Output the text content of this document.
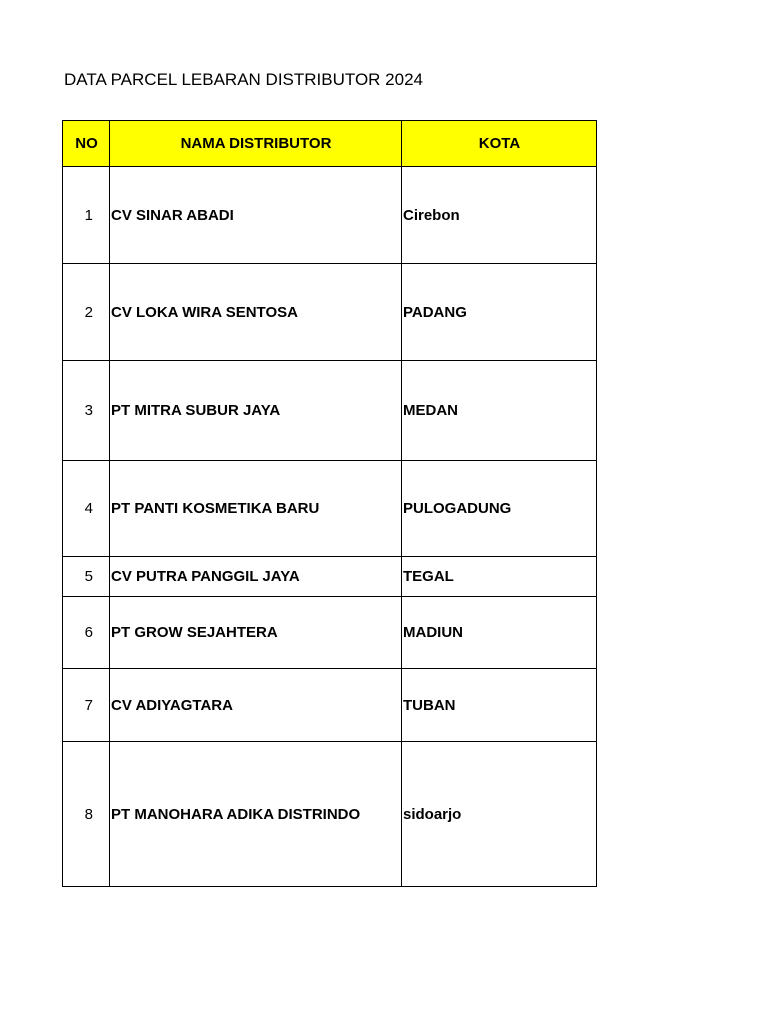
DATA PARCEL LEBARAN DISTRIBUTOR 2024
NO	NAMA DISTRIBUTOR	KOTA
1	CV SINAR ABADI	Cirebon
2	CV LOKA WIRA SENTOSA	PADANG
3	PT MITRA SUBUR JAYA	MEDAN
4	PT PANTI KOSMETIKA BARU	PULOGADUNG
5	CV PUTRA PANGGIL JAYA	TEGAL
6	PT GROW SEJAHTERA	MADIUN
7	CV ADIYAGTARA	TUBAN
8	PT MANOHARA ADIKA DISTRINDO	sidoarjo
